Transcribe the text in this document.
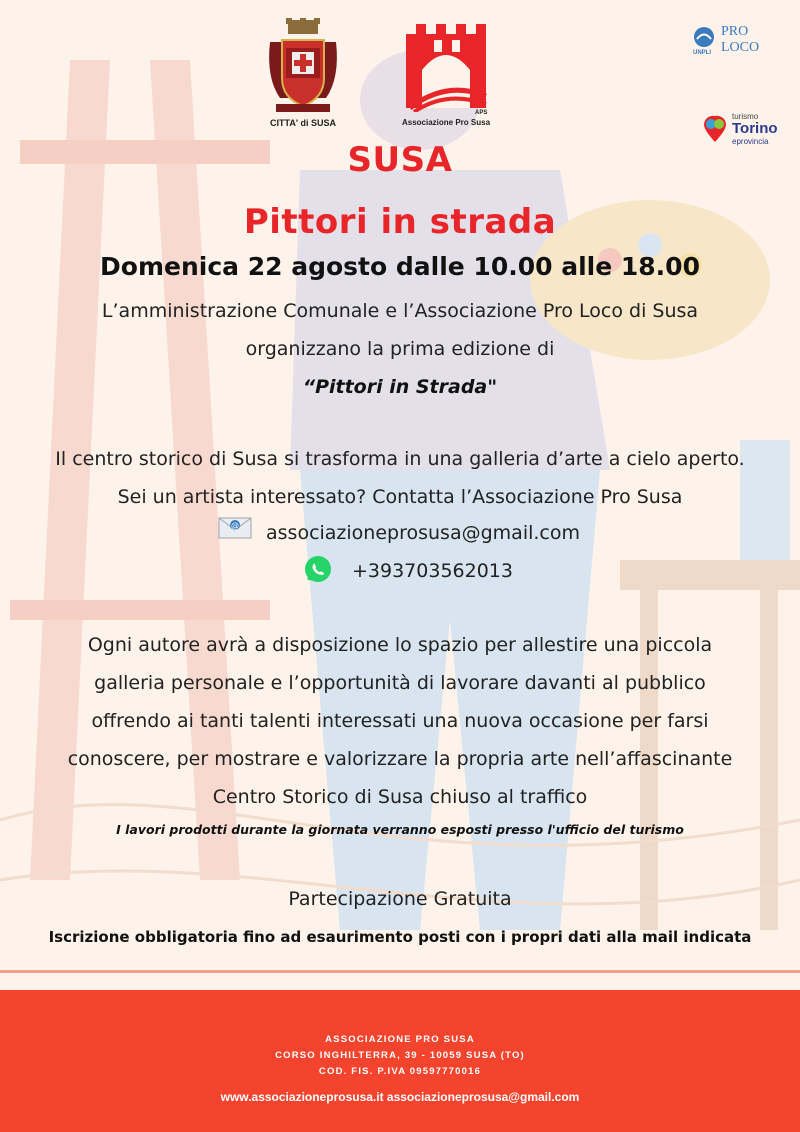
CITTA' di SUSA
APS
Associazione Pro Susa
UNPLI
PRO LOCO
turismo
Torino
eprovincia
SUSA
Pittori in strada
Domenica 22 agosto dalle 10.00 alle 18.00
L’amministrazione Comunale e l’Associazione Pro Loco di Susa
organizzano la prima edizione di
“Pittori in Strada"
Il centro storico di Susa si trasforma in una galleria d’arte a cielo aperto.
Sei un artista interessato? Contatta l’Associazione Pro Susa
@ associazioneprosusa@gmail.com
+393703562013
Ogni autore avrà a disposizione lo spazio per allestire una piccola
galleria personale e l’opportunità di lavorare davanti al pubblico
offrendo ai tanti talenti interessati una nuova occasione per farsi
conoscere, per mostrare e valorizzare la propria arte nell’affascinante
Centro Storico di Susa chiuso al traffico
I lavori prodotti durante la giornata verranno esposti presso l'ufficio del turismo
Partecipazione Gratuita
Iscrizione obbligatoria fino ad esaurimento posti con i propri dati alla mail indicata
ASSOCIAZIONE PRO SUSA
CORSO INGHILTERRA, 39 - 10059 SUSA (TO)
COD. FIS. P.IVA 09597770016
www.associazioneprosusa.it associazioneprosusa@gmail.com
